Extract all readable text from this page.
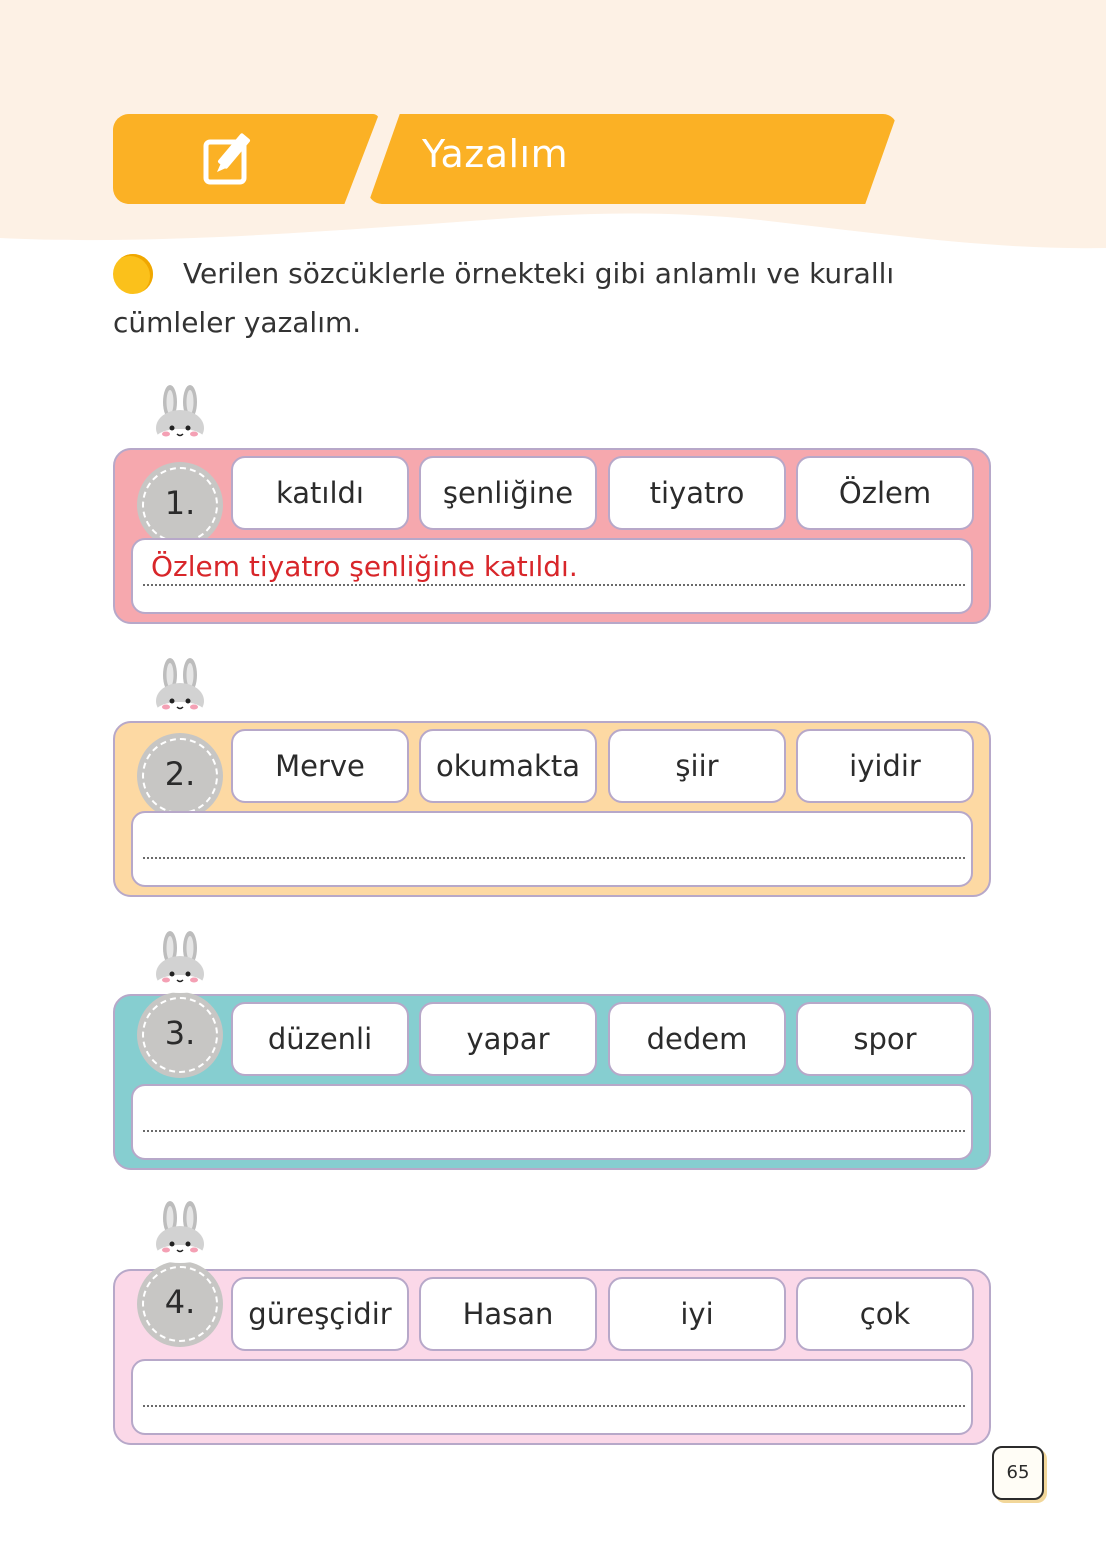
Yazalım
Verilen sözcüklerle örnekteki gibi anlamlı ve kurallı
cümleler yazalım.
1.	katıldı	şenliğine	tiyatro	Özlem
Özlem tiyatro şenliğine katıldı.
2.	Merve	okumakta	şiir	iyidir
3.	düzenli	yapar	dedem	spor
4.	güreşçidir	Hasan	iyi	çok
65
